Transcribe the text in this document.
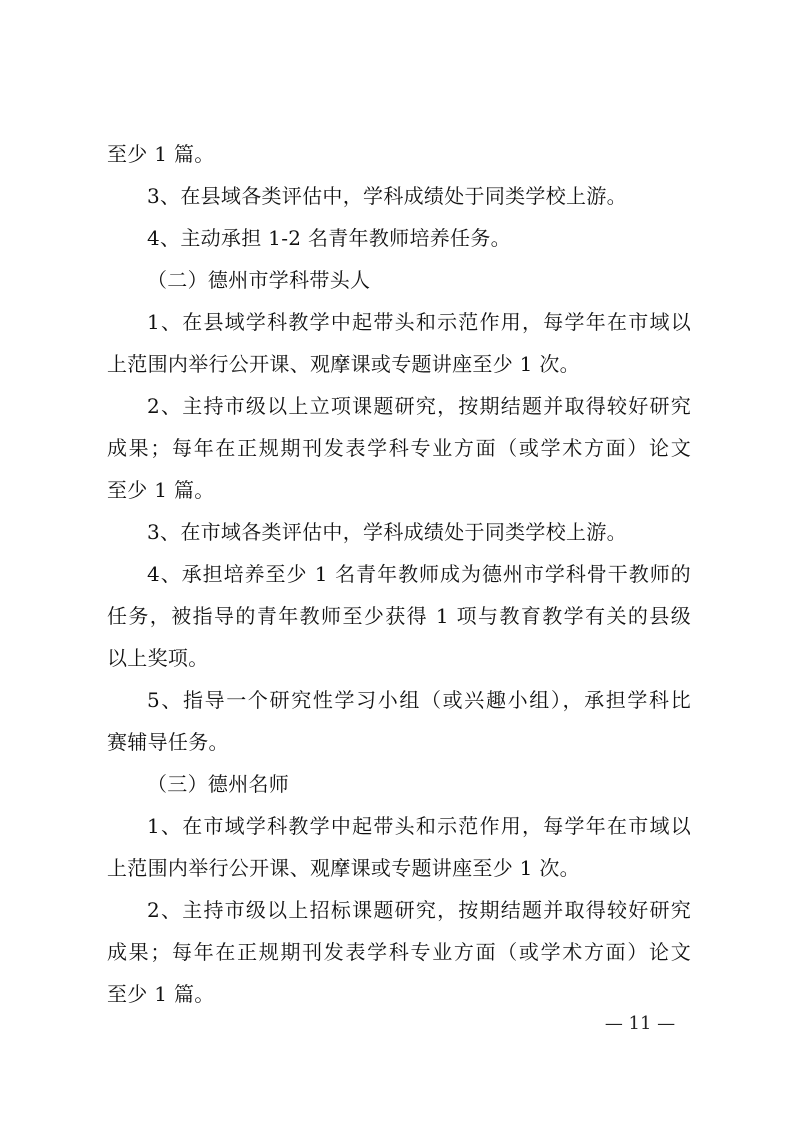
至少 1 篇。
3、在县域各类评估中，学科成绩处于同类学校上游。
4、主动承担 1-2 名青年教师培养任务。
（二）德州市学科带头人
1、在县域学科教学中起带头和示范作用，每学年在市域以
上范围内举行公开课、观摩课或专题讲座至少 1 次。
2、主持市级以上立项课题研究，按期结题并取得较好研究
成果；每年在正规期刊发表学科专业方面（或学术方面）论文
至少 1 篇。
3、在市域各类评估中，学科成绩处于同类学校上游。
4、承担培养至少 1 名青年教师成为德州市学科骨干教师的
任务，被指导的青年教师至少获得 1 项与教育教学有关的县级
以上奖项。
5、指导一个研究性学习小组（或兴趣小组），承担学科比
赛辅导任务。
（三）德州名师
1、在市域学科教学中起带头和示范作用，每学年在市域以
上范围内举行公开课、观摩课或专题讲座至少 1 次。
2、主持市级以上招标课题研究，按期结题并取得较好研究
成果；每年在正规期刊发表学科专业方面（或学术方面）论文
至少 1 篇。
— 11 —
